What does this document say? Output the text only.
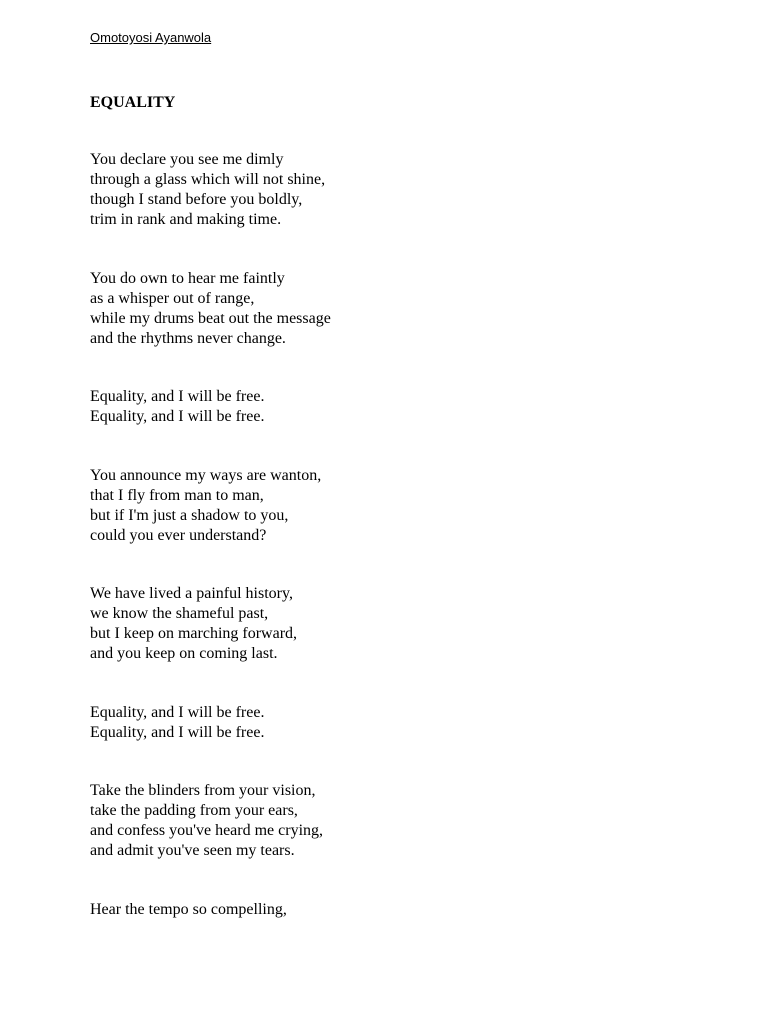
Omotoyosi Ayanwola
EQUALITY
You declare you see me dimly
through a glass which will not shine,
though I stand before you boldly,
trim in rank and making time.
You do own to hear me faintly
as a whisper out of range,
while my drums beat out the message
and the rhythms never change.
Equality, and I will be free.
Equality, and I will be free.
You announce my ways are wanton,
that I fly from man to man,
but if I'm just a shadow to you,
could you ever understand?
We have lived a painful history,
we know the shameful past,
but I keep on marching forward,
and you keep on coming last.
Equality, and I will be free.
Equality, and I will be free.
Take the blinders from your vision,
take the padding from your ears,
and confess you've heard me crying,
and admit you've seen my tears.
Hear the tempo so compelling,
